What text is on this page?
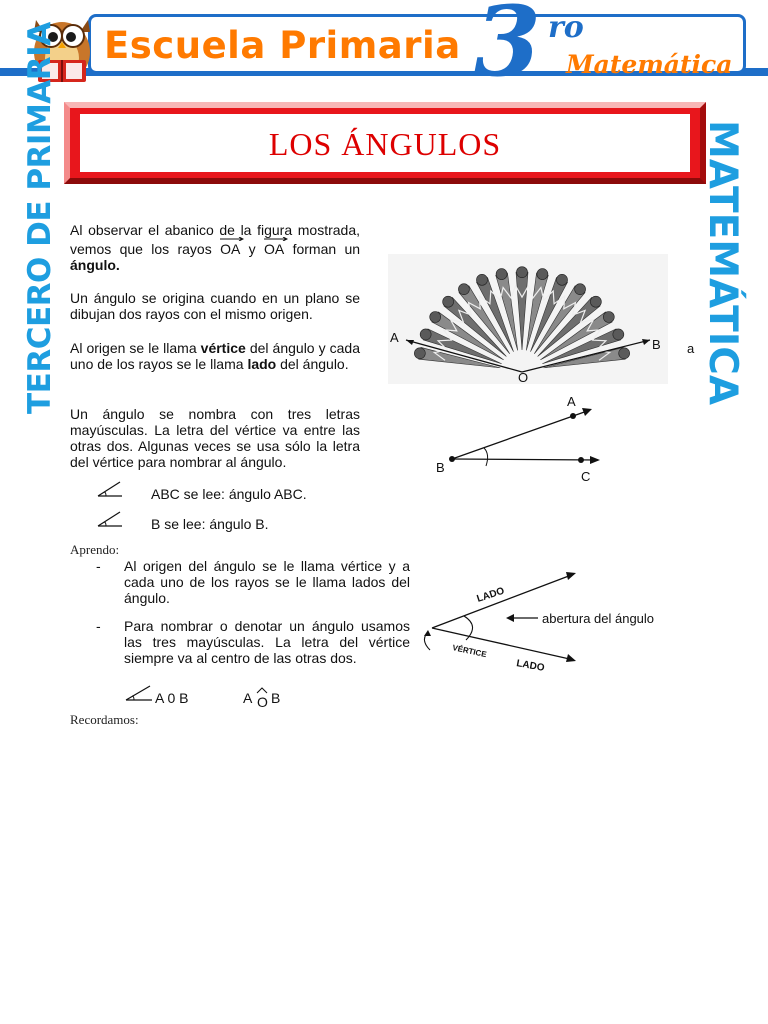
Escuela Primaria 3 ro
Matemática
LOS ÁNGULOS
TERCERO DE PRIMARIA	MATEMÁTICA
Al observar el abanico de la figura mostrada, vemos que los rayos OA y OA forman un ángulo.
Un ángulo se origina cuando en un plano se dibujan dos rayos con el mismo origen.
Al origen se le llama vértice del ángulo y cada uno de los rayos se le llama lado del ángulo.
Un ángulo se nombra con tres letras mayúsculas. La letra del vértice va entre las otras dos. Algunas veces se usa sólo la letra del vértice para nombrar al ángulo.
ABC se lee: ángulo ABC.
B se lee: ángulo B.
Aprendo:
- Al origen del ángulo se le llama vértice y a cada uno de los rayos se le llama lados del ángulo.
- Para nombrar o denotar un ángulo usamos las tres mayúsculas. La letra del vértice siempre va al centro de las otras dos.
A 0 B	A O B
Recordamos:
A	B
O
a
A
B
C
LADO
LADO
VÉRTICE
abertura del ángulo
